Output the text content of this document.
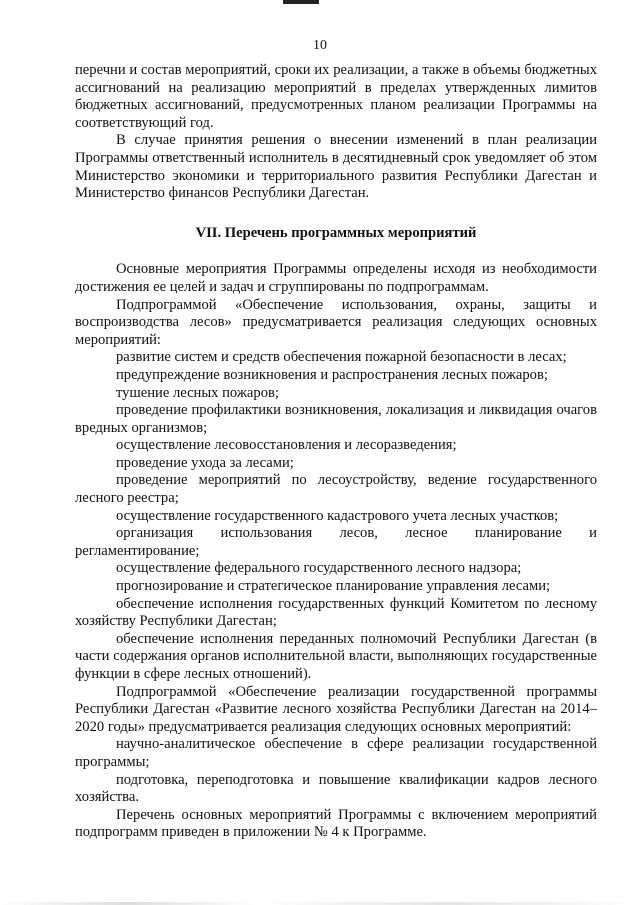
10

перечни и состав мероприятий, сроки их реализации, а также в объемы бюджетных ассигнований на реализацию мероприятий в пределах утвержденных лимитов бюджетных ассигнований, предусмотренных планом реализации Программы на соответствующий год.

В случае принятия решения о внесении изменений в план реализации Программы ответственный исполнитель в десятидневный срок уведомляет об этом Министерство экономики и территориального развития Республики Дагестан и Министерство финансов Республики Дагестан.

VII. Перечень программных мероприятий

Основные мероприятия Программы определены исходя из необходимости достижения ее целей и задач и сгруппированы по подпрограммам.

Подпрограммой «Обеспечение использования, охраны, защиты и воспроизводства лесов» предусматривается реализация следующих основных мероприятий:

развитие систем и средств обеспечения пожарной безопасности в лесах;

предупреждение возникновения и распространения лесных пожаров;

тушение лесных пожаров;

проведение профилактики возникновения, локализация и ликвидация очагов вредных организмов;

осуществление лесовосстановления и лесоразведения;

проведение ухода за лесами;

проведение мероприятий по лесоустройству, ведение государственного лесного реестра;

осуществление государственного кадастрового учета лесных участков;

организация использования лесов, лесное планирование и регламентирование;

осуществление федерального государственного лесного надзора;

прогнозирование и стратегическое планирование управления лесами;

обеспечение исполнения государственных функций Комитетом по лесному хозяйству Республики Дагестан;

обеспечение исполнения переданных полномочий Республики Дагестан (в части содержания органов исполнительной власти, выполняющих государственные функции в сфере лесных отношений).

Подпрограммой «Обеспечение реализации государственной программы Республики Дагестан «Развитие лесного хозяйства Республики Дагестан на 2014–2020 годы» предусматривается реализация следующих основных мероприятий:

научно-аналитическое обеспечение в сфере реализации государственной программы;

подготовка, переподготовка и повышение квалификации кадров лесного хозяйства.

Перечень основных мероприятий Программы с включением мероприятий подпрограмм приведен в приложении № 4 к Программе.
